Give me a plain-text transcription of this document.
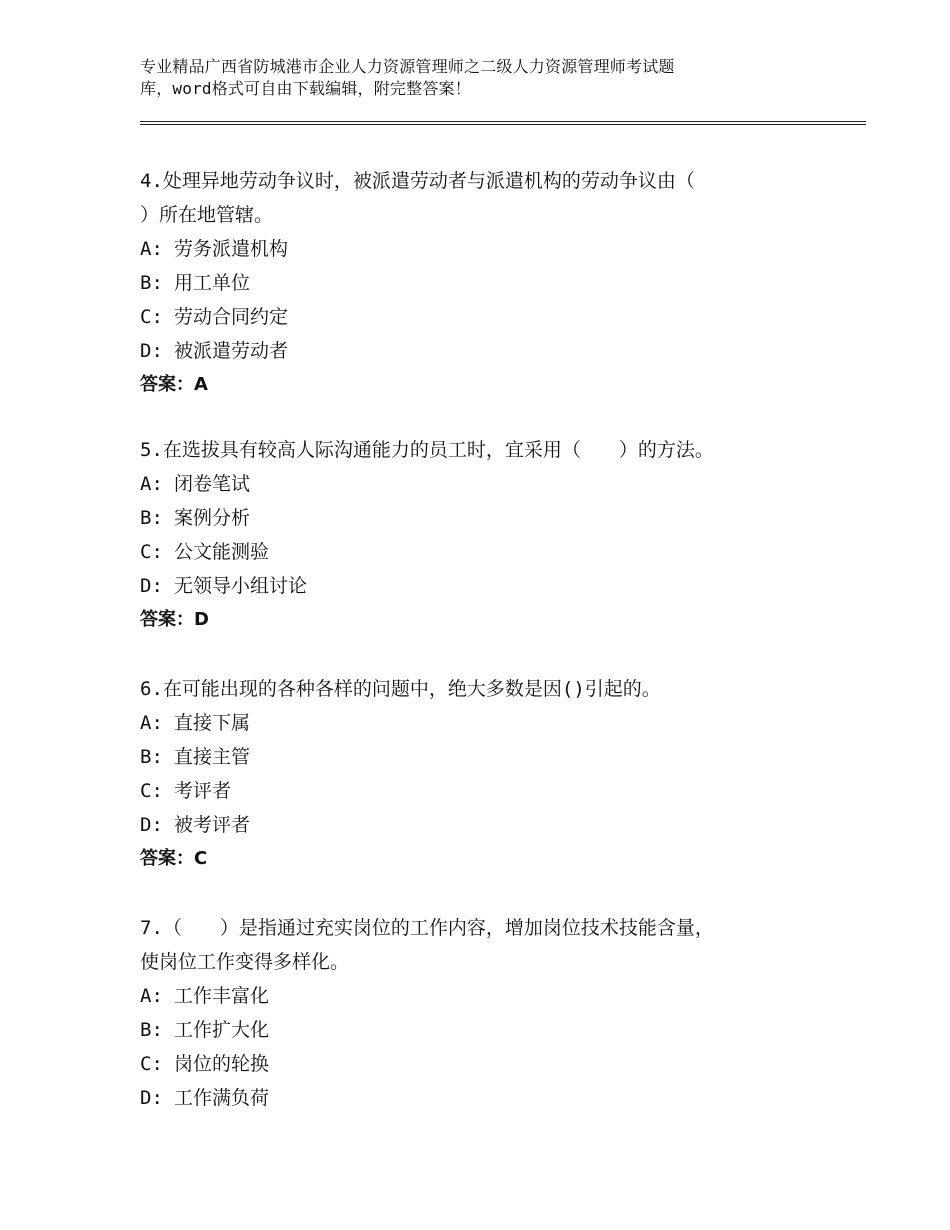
专业精品广西省防城港市企业人力资源管理师之二级人力资源管理师考试题
库，word格式可自由下载编辑，附完整答案！
4.处理异地劳动争议时，被派遣劳动者与派遣机构的劳动争议由（
）所在地管辖。
A: 劳务派遣机构
B: 用工单位
C: 劳动合同约定
D: 被派遣劳动者
答案：A
5.在选拔具有较高人际沟通能力的员工时，宜采用（　　）的方法。
A: 闭卷笔试
B: 案例分析
C: 公文能测验
D: 无领导小组讨论
答案：D
6.在可能出现的各种各样的问题中，绝大多数是因()引起的。
A: 直接下属
B: 直接主管
C: 考评者
D: 被考评者
答案：C
7.（　　）是指通过充实岗位的工作内容，增加岗位技术技能含量，
使岗位工作变得多样化。
A: 工作丰富化
B: 工作扩大化
C: 岗位的轮换
D: 工作满负荷
